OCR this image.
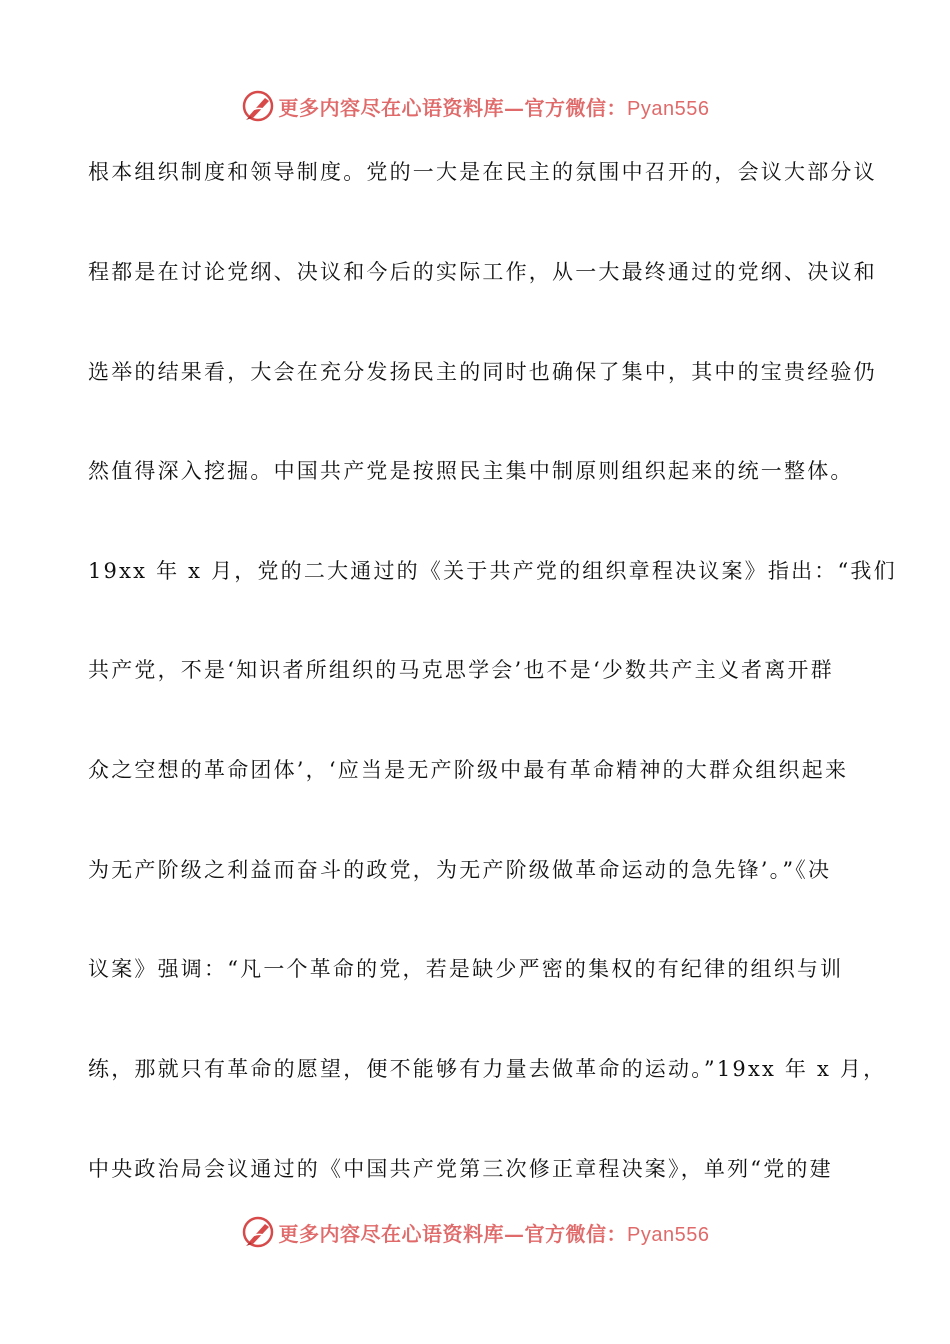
更多内容尽在心语资料库—官方微信：Pyan556
根本组织制度和领导制度。党的一大是在民主的氛围中召开的，会议大部分议
程都是在讨论党纲、决议和今后的实际工作，从一大最终通过的党纲、决议和
选举的结果看，大会在充分发扬民主的同时也确保了集中，其中的宝贵经验仍
然值得深入挖掘。中国共产党是按照民主集中制原则组织起来的统一整体。
19xx 年 x 月，党的二大通过的《关于共产党的组织章程决议案》指出：“我们
共产党，不是‘知识者所组织的马克思学会’也不是‘少数共产主义者离开群
众之空想的革命团体’，‘应当是无产阶级中最有革命精神的大群众组织起来
为无产阶级之利益而奋斗的政党，为无产阶级做革命运动的急先锋’。”《决
议案》强调：“凡一个革命的党，若是缺少严密的集权的有纪律的组织与训
练，那就只有革命的愿望，便不能够有力量去做革命的运动。”19xx 年 x 月，
中央政治局会议通过的《中国共产党第三次修正章程决案》，单列“党的建
更多内容尽在心语资料库—官方微信：Pyan556
